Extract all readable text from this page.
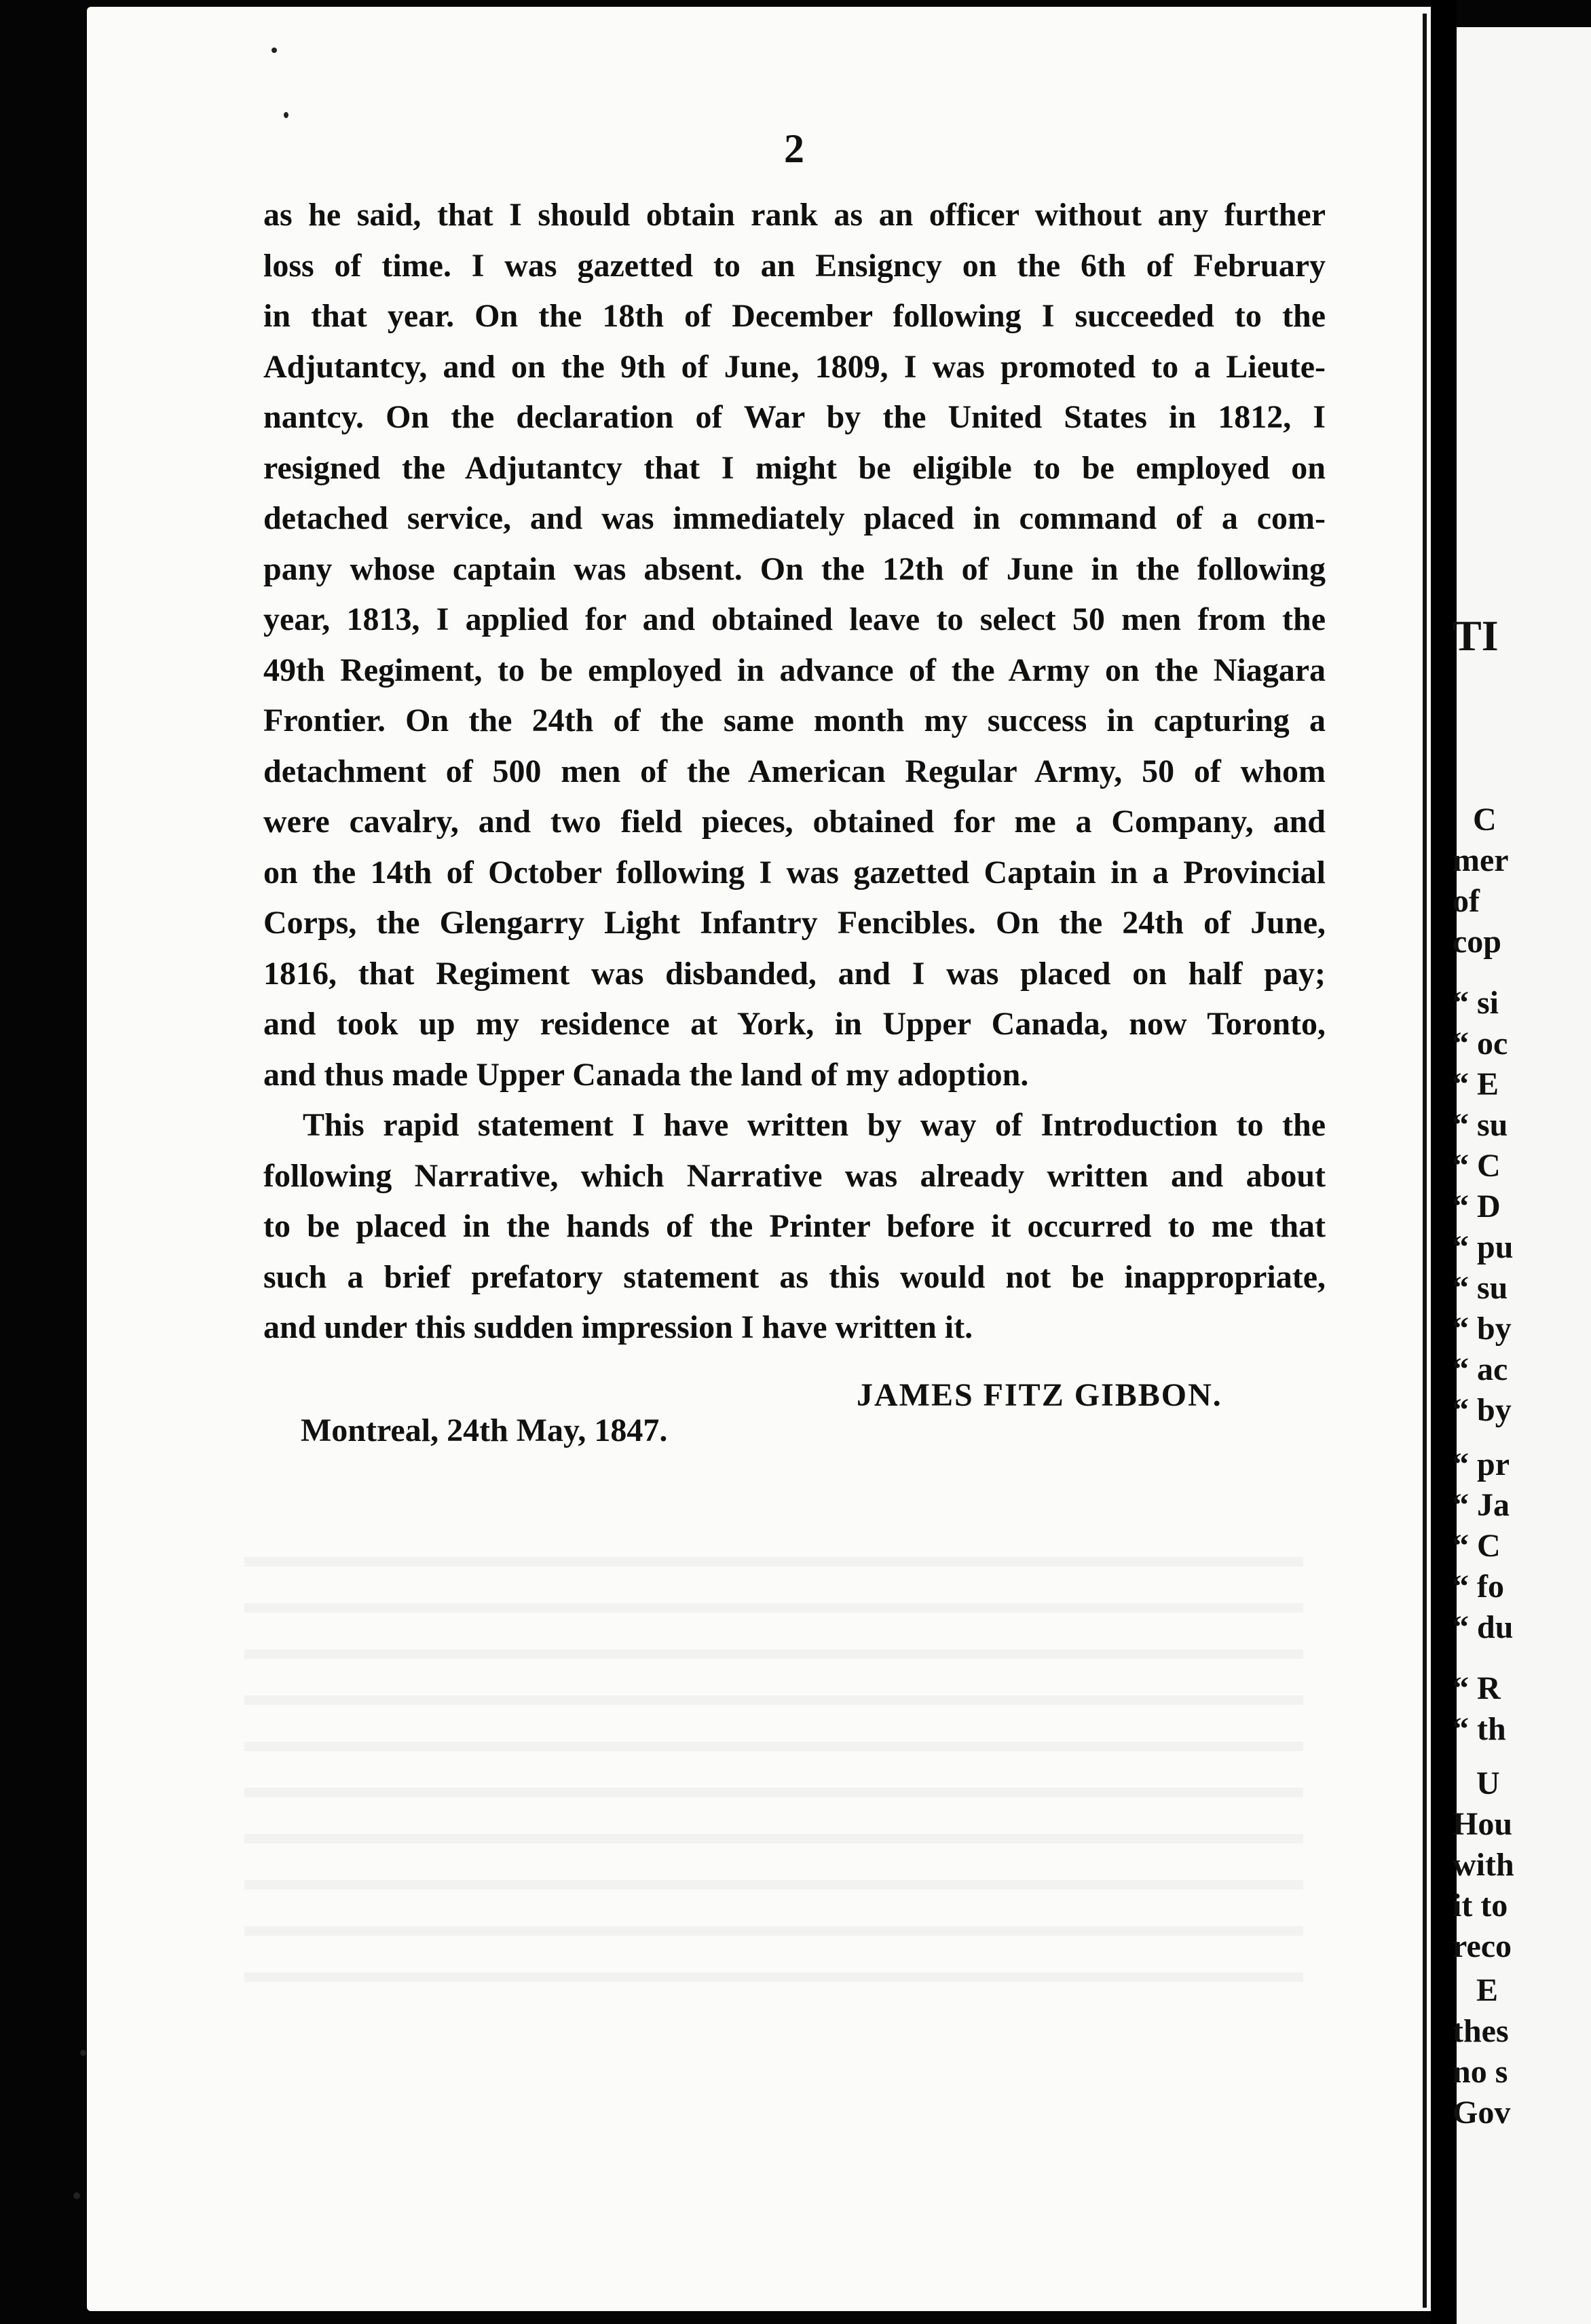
2
as he said, that I should obtain rank as an officer without any further
loss of time. I was gazetted to an Ensigncy on the 6th of February
in that year. On the 18th of December following I succeeded to the
Adjutantcy, and on the 9th of June, 1809, I was promoted to a Lieute-
nantcy. On the declaration of War by the United States in 1812, I
resigned the Adjutantcy that I might be eligible to be employed on
detached service, and was immediately placed in command of a com-
pany whose captain was absent. On the 12th of June in the following
year, 1813, I applied for and obtained leave to select 50 men from the
49th Regiment, to be employed in advance of the Army on the Niagara
Frontier. On the 24th of the same month my success in capturing a
detachment of 500 men of the American Regular Army, 50 of whom
were cavalry, and two field pieces, obtained for me a Company, and
on the 14th of October following I was gazetted Captain in a Provincial
Corps, the Glengarry Light Infantry Fencibles. On the 24th of June,
1816, that Regiment was disbanded, and I was placed on half pay;
and took up my residence at York, in Upper Canada, now Toronto,
and thus made Upper Canada the land of my adoption.
This rapid statement I have written by way of Introduction to the
following Narrative, which Narrative was already written and about
to be placed in the hands of the Printer before it occurred to me that
such a brief prefatory statement as this would not be inappropriate,
and under this sudden impression I have written it.
JAMES FITZ GIBBON.
Montreal, 24th May, 1847.
TI
C
mer
of
cop
“ si
“ oc
“ E
“ su
“ C
“ D
“ pu
“ su
“ by
“ ac
“ by
“ pr
“ Ja
“ C
“ fo
“ du
“ R
“ th
U
Hou
with
it to
reco
E
thes
no s
Gov
